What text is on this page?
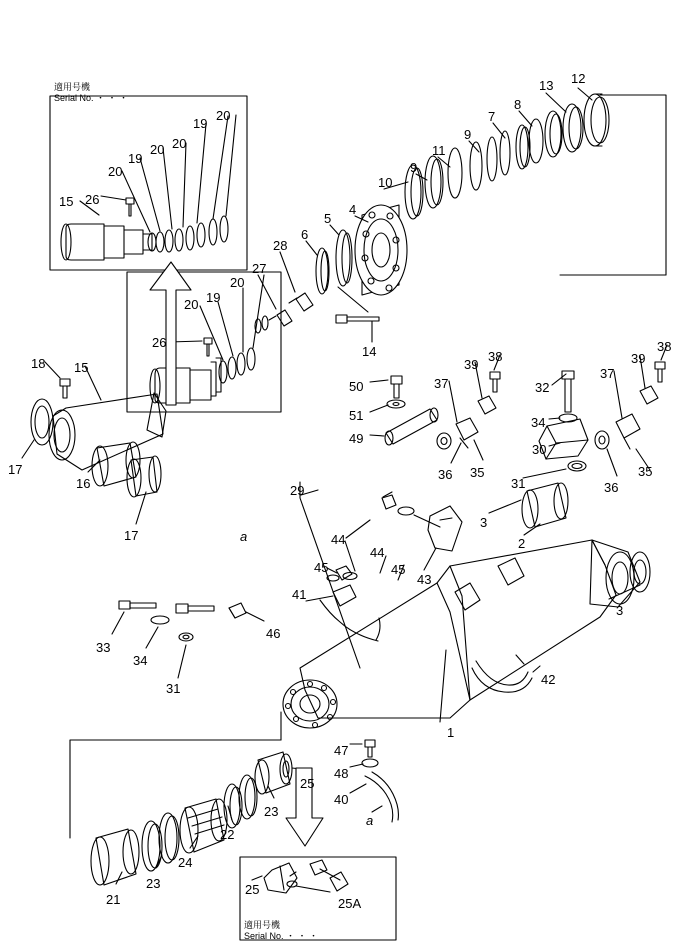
適用号機
Serial No. ・ ・ ・
適用号機
Serial No. ・ ・ ・
12
13
8
7
9
11
9
10
20
19
20
20
19
20
15 26
4
5
6
28
27
20
19
20
26
14
18 15
17
16
17
50
51
49
37
39
38
36 35
32
34
30
37
39
38
36
35
31
2
3
3
29
44
44
45	45
43
41
a
33
34
46
31
42
1
47
48
40
a
25
23
22
24
23
21
25
25A
